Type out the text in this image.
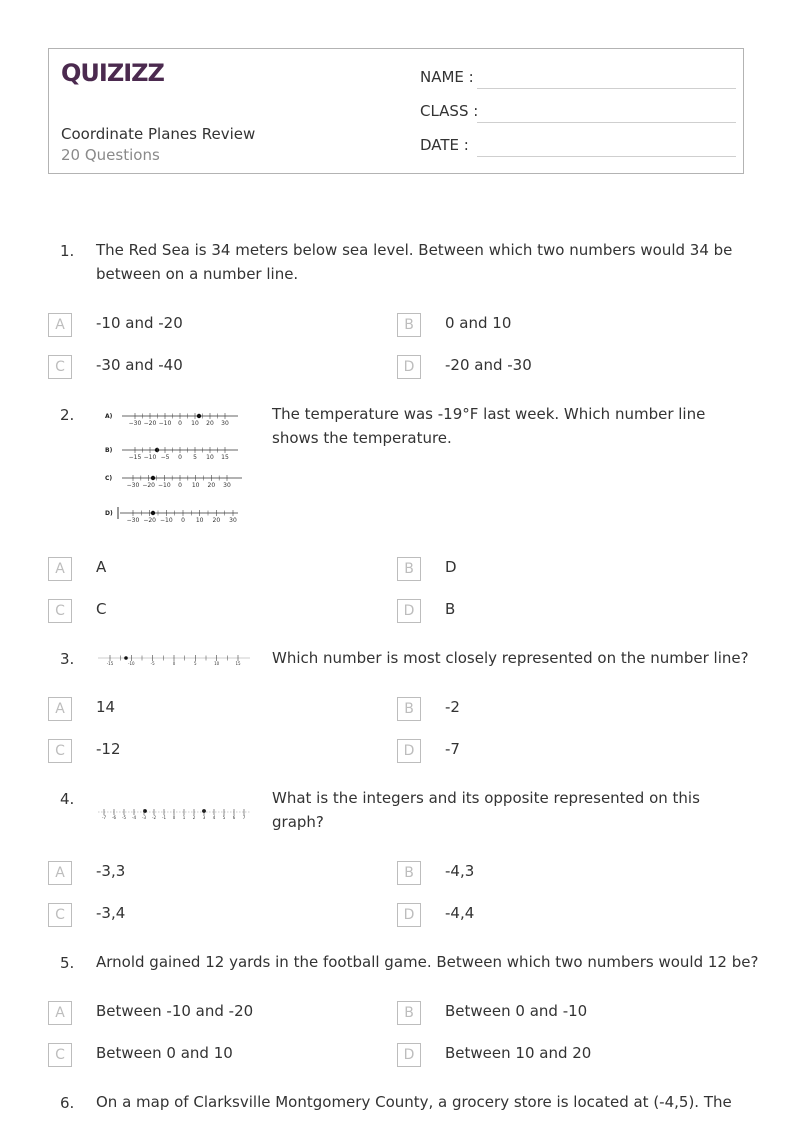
QUIZIZZ
Coordinate Planes Review
20 Questions
NAME :
CLASS :
DATE :
1. The Red Sea is 34 meters below sea level. Between which two numbers would 34 be
between on a number line.
A	-10 and -20	B	0 and 10
C	-30 and -40	D	-20 and -30
2.	A)
B)
C)
D)
−30 −20 −10 0 10 20 30
−15 −10 −5 0 5 10 15
−30 −20 −10 0 10 20 30
−30 −20 −10 0 10 20 30
The temperature was -19°F last week. Which number line
shows the temperature.
A	A	B	D
C	C	D	B
3.	-15	-10	-5	0	5	10	15 Which number is most closely represented on the number line?
A	14	B	-2
C	-12	D	-7
4.
-7 -6 -5 -4 -3 -2 -1 0 1 2 3 4 5 6 7
What is the integers and its opposite represented on this
graph?
A	-3,3	B	-4,3
C	-3,4	D	-4,4
5. Arnold gained 12 yards in the football game. Between which two numbers would 12 be?
A	Between -10 and -20	B	Between 0 and -10
C	Between 0 and 10	D	Between 10 and 20
6. On a map of Clarksville Montgomery County, a grocery store is located at (-4,5). The
